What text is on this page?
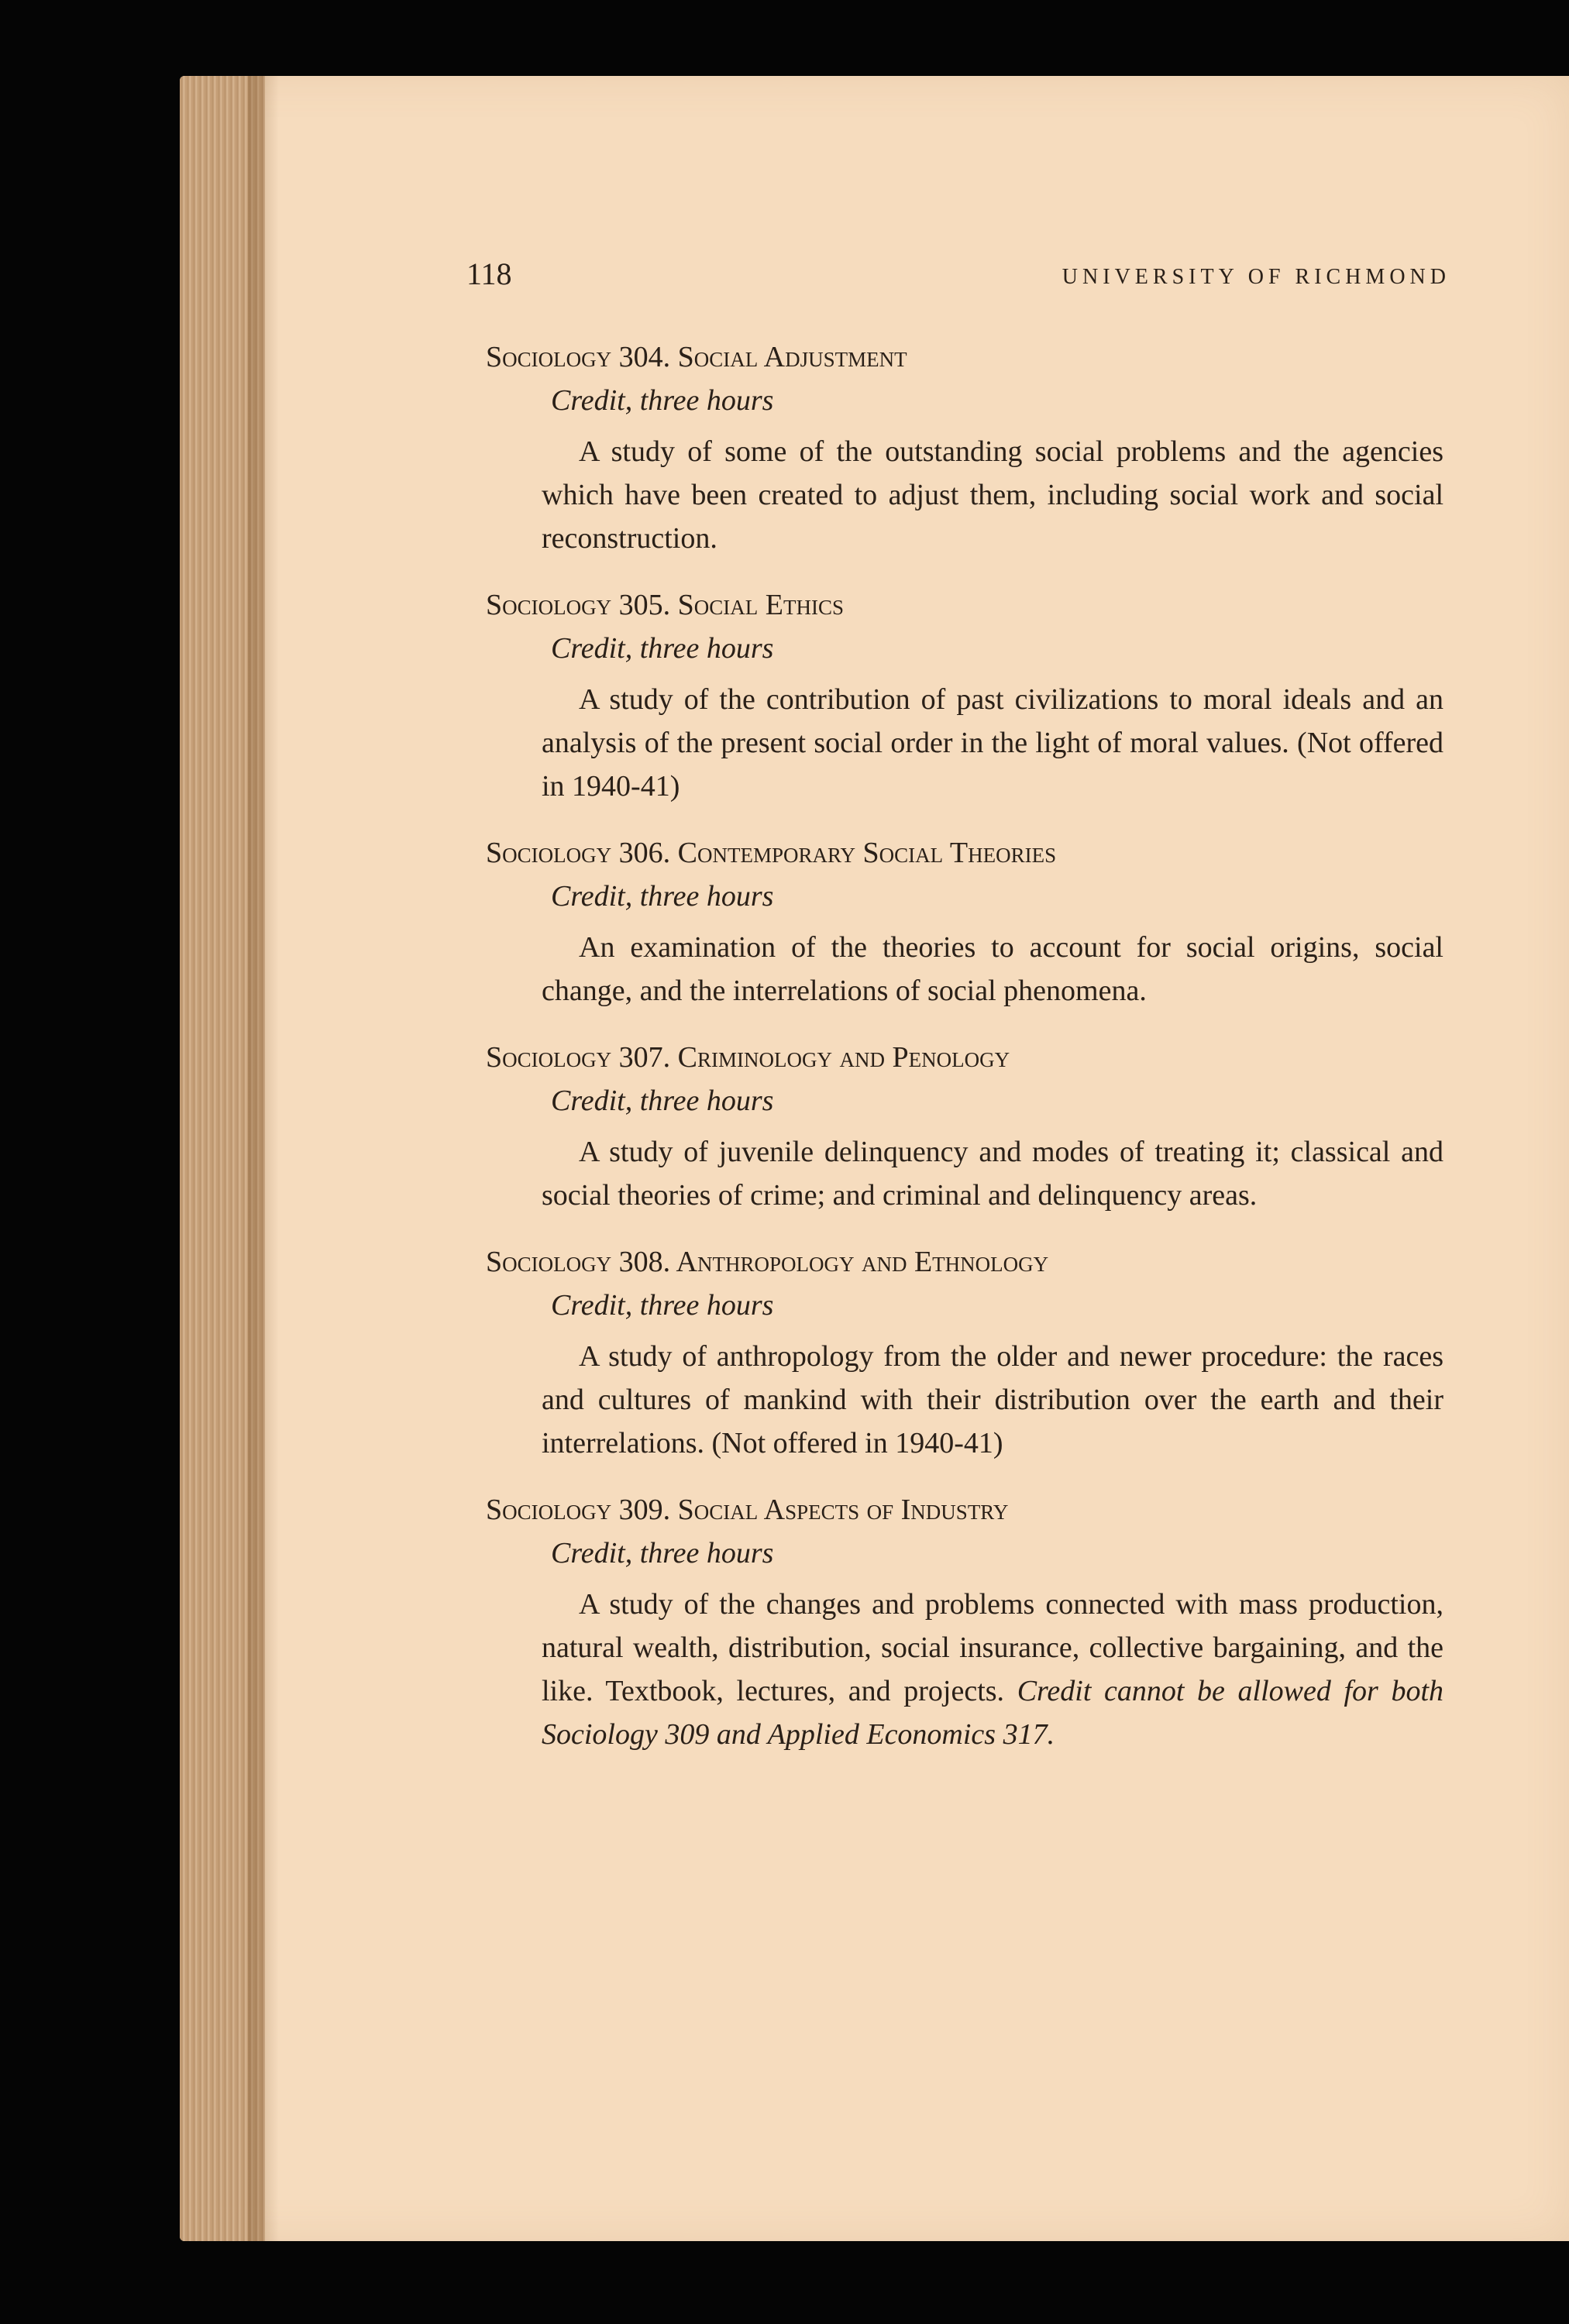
118	UNIVERSITY OF RICHMOND

Sociology 304. Social Adjustment

Credit, three hours

A study of some of the outstanding social problems and the agencies which have been created to adjust them, including social work and social reconstruction.

Sociology 305. Social Ethics

Credit, three hours

A study of the contribution of past civilizations to moral ideals and an analysis of the present social order in the light of moral values. (Not offered in 1940-41)

Sociology 306. Contemporary Social Theories

Credit, three hours

An examination of the theories to account for social origins, social change, and the interrelations of social phenomena.

Sociology 307. Criminology and Penology

Credit, three hours

A study of juvenile delinquency and modes of treating it; classical and social theories of crime; and criminal and delinquency areas.

Sociology 308. Anthropology and Ethnology

Credit, three hours

A study of anthropology from the older and newer procedure: the races and cultures of mankind with their distribution over the earth and their interrelations. (Not offered in 1940-41)

Sociology 309. Social Aspects of Industry

Credit, three hours

A study of the changes and problems connected with mass production, natural wealth, distribution, social insurance, collective bargaining, and the like. Textbook, lectures, and projects. Credit cannot be allowed for both Sociology 309 and Applied Economics 317.
